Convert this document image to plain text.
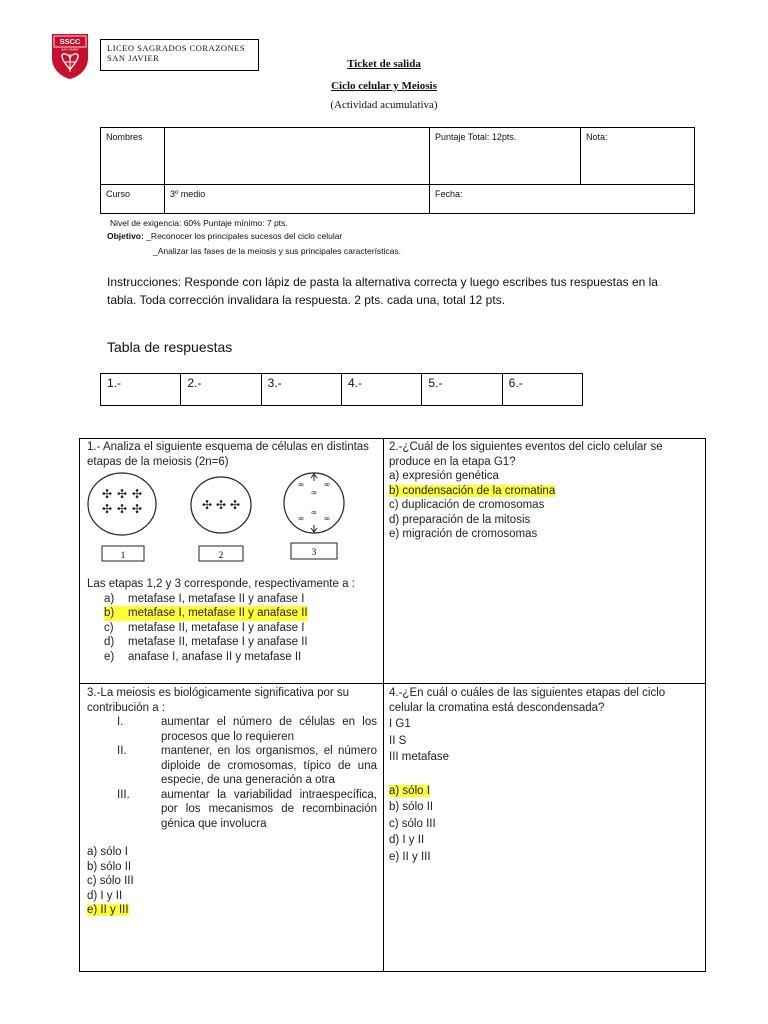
SSCC
SAN JAVIER	LICEO SAGRADOS CORAZONES
SAN JAVIER	Ticket de salida
Ciclo celular y Meiosis
(Actividad acumulativa)
Nombres		Puntaje Total: 12pts.	Nota:
Curso	3º medio	Fecha:	
Nivel de exigencia: 60% Puntaje mínimo: 7 pts.
Objetivo: _Reconocer los principales sucesos del ciclo celular
_Analizar las fases de la meiosis y sus principales características.
Instrucciones: Responde con lápiz de pasta la alternativa correcta y luego escribes tus respuestas en la tabla. Toda corrección invalidara la respuesta. 2 pts. cada una, total 12 pts.
Tabla de respuestas
1.-	2.-	3.-	4.-	5.-	6.-
1.- Analiza el siguiente esquema de células en distintas etapas de la meiosis (2n=6)
✣ ✣ ✣
✣ ✣ ✣
1
✣ ✣ ✣
2
∞ ∞
∞
∞ ∞
∞
3
Las etapas 1,2 y 3 corresponde, respectivamente a :
a)	metafase I, metafase II y anafase I
b)	metafase I, metafase II y anafase II
c)	metafase II, metafase I y anafase I
d)	metafase II, metafase I y anafase II
e)	anafase I, anafase II y metafase II
2.-¿Cuál de los siguientes eventos del ciclo celular se produce en la etapa G1?
a) expresión genética
b) condensación de la cromatina
c) duplicación de cromosomas
d) preparación de la mitosis
e) migración de cromosomas
3.-La meiosis es biológicamente significativa por su contribución a :
I.	aumentar el número de células en los procesos que lo requieren
II.	mantener, en los organismos, el número diploide de cromosomas, típico de una especie, de una generación a otra
III.	aumentar la variabilidad intraespecífica, por los mecanismos de recombinación génica que involucra
a) sólo I
b) sólo II
c) sólo III
d) I y II
e) II y III
4.-¿En cuál o cuáles de las siguientes etapas del ciclo celular la cromatina está descondensada?
I G1
II S
III metafase
a) sólo I
b) sólo II
c) sólo III
d) I y II
e) II y III
